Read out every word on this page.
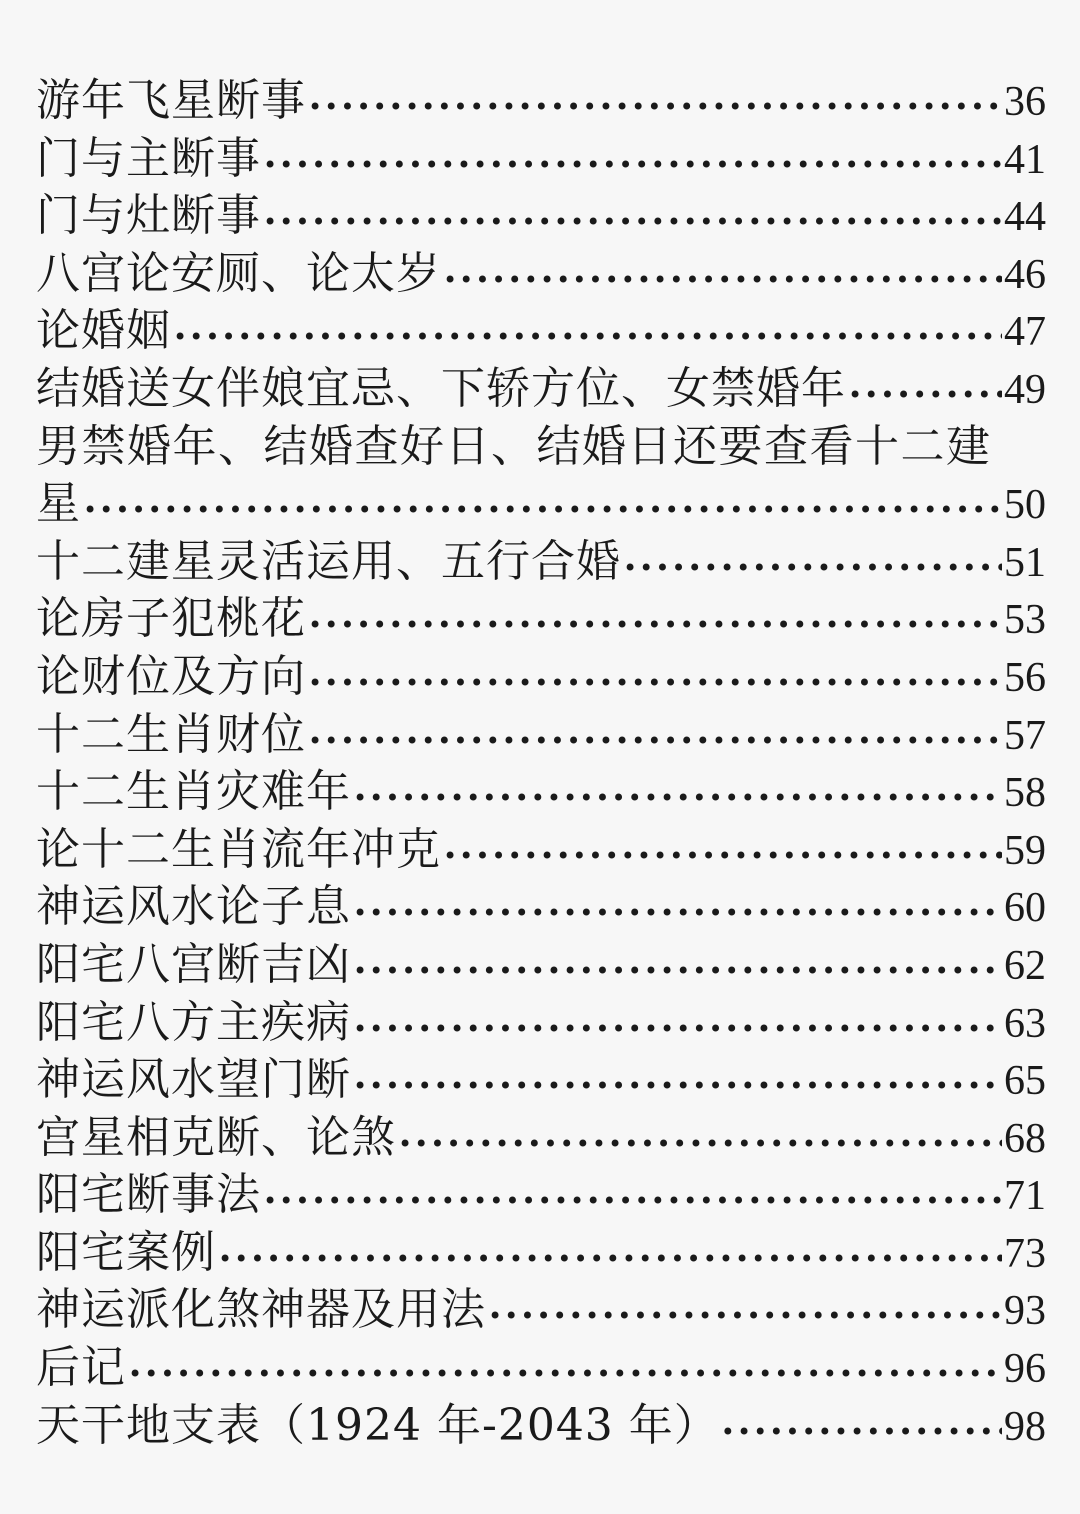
游年飞星断事 •••••	36
门与主断事 •••••	41
门与灶断事 •••••	44
八宫论安厕、论太岁 •••••	46
论婚姻 •••••	47
结婚送女伴娘宜忌、下轿方位、女禁婚年 •••••	49
男禁婚年、结婚查好日、结婚日还要查看十二建
星 •••••	50
十二建星灵活运用、五行合婚 •••••	51
论房子犯桃花 •••••	53
论财位及方向 •••••	56
十二生肖财位 •••••	57
十二生肖灾难年 •••••	58
论十二生肖流年冲克 •••••	59
神运风水论子息 •••••	60
阳宅八宫断吉凶 •••••	62
阳宅八方主疾病 •••••	63
神运风水望门断 •••••	65
宫星相克断、论煞 •••••	68
阳宅断事法 •••••	71
阳宅案例 •••••	73
神运派化煞神器及用法 •••••	93
后记 •••••	96
天干地支表（1924 年-2043 年） •••••	98
